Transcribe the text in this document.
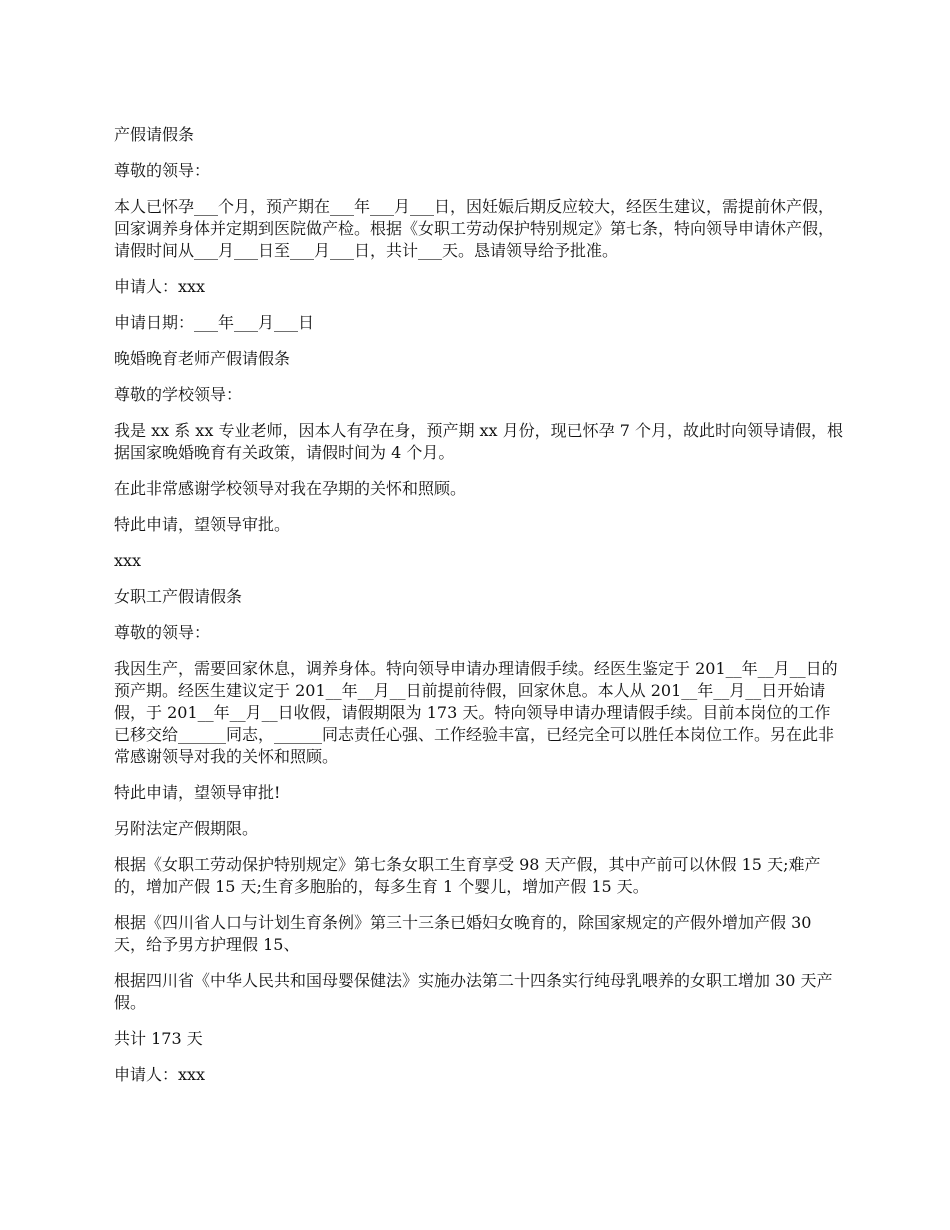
产假请假条

尊敬的领导：

本人已怀孕___个月，预产期在___年___月___日，因妊娠后期反应较大，经医生建议，需提前休产假，回家调养身体并定期到医院做产检。根据《女职工劳动保护特别规定》第七条，特向领导申请休产假，请假时间从___月___日至___月___日，共计___天。恳请领导给予批准。

申请人：xxx

申请日期：___年___月___日

晚婚晚育老师产假请假条

尊敬的学校领导：

我是 xx 系 xx 专业老师，因本人有孕在身，预产期 xx 月份，现已怀孕 7 个月，故此时向领导请假，根据国家晚婚晚育有关政策，请假时间为 4 个月。

在此非常感谢学校领导对我在孕期的关怀和照顾。

特此申请，望领导审批。

xxx

女职工产假请假条

尊敬的领导：

我因生产，需要回家休息，调养身体。特向领导申请办理请假手续。经医生鉴定于 201__年__月__日的预产期。经医生建议定于 201__年__月__日前提前待假，回家休息。本人从 201__年__月__日开始请假，于 201__年__月__日收假，请假期限为 173 天。特向领导申请办理请假手续。目前本岗位的工作已移交给______同志，______同志责任心强、工作经验丰富，已经完全可以胜任本岗位工作。另在此非常感谢领导对我的关怀和照顾。

特此申请，望领导审批!

另附法定产假期限。

根据《女职工劳动保护特别规定》第七条女职工生育享受 98 天产假，其中产前可以休假 15 天;难产的，增加产假 15 天;生育多胞胎的，每多生育 1 个婴儿，增加产假 15 天。

根据《四川省人口与计划生育条例》第三十三条已婚妇女晚育的，除国家规定的产假外增加产假 30 天，给予男方护理假 15、

根据四川省《中华人民共和国母婴保健法》实施办法第二十四条实行纯母乳喂养的女职工增加 30 天产假。

共计 173 天

申请人：xxx
